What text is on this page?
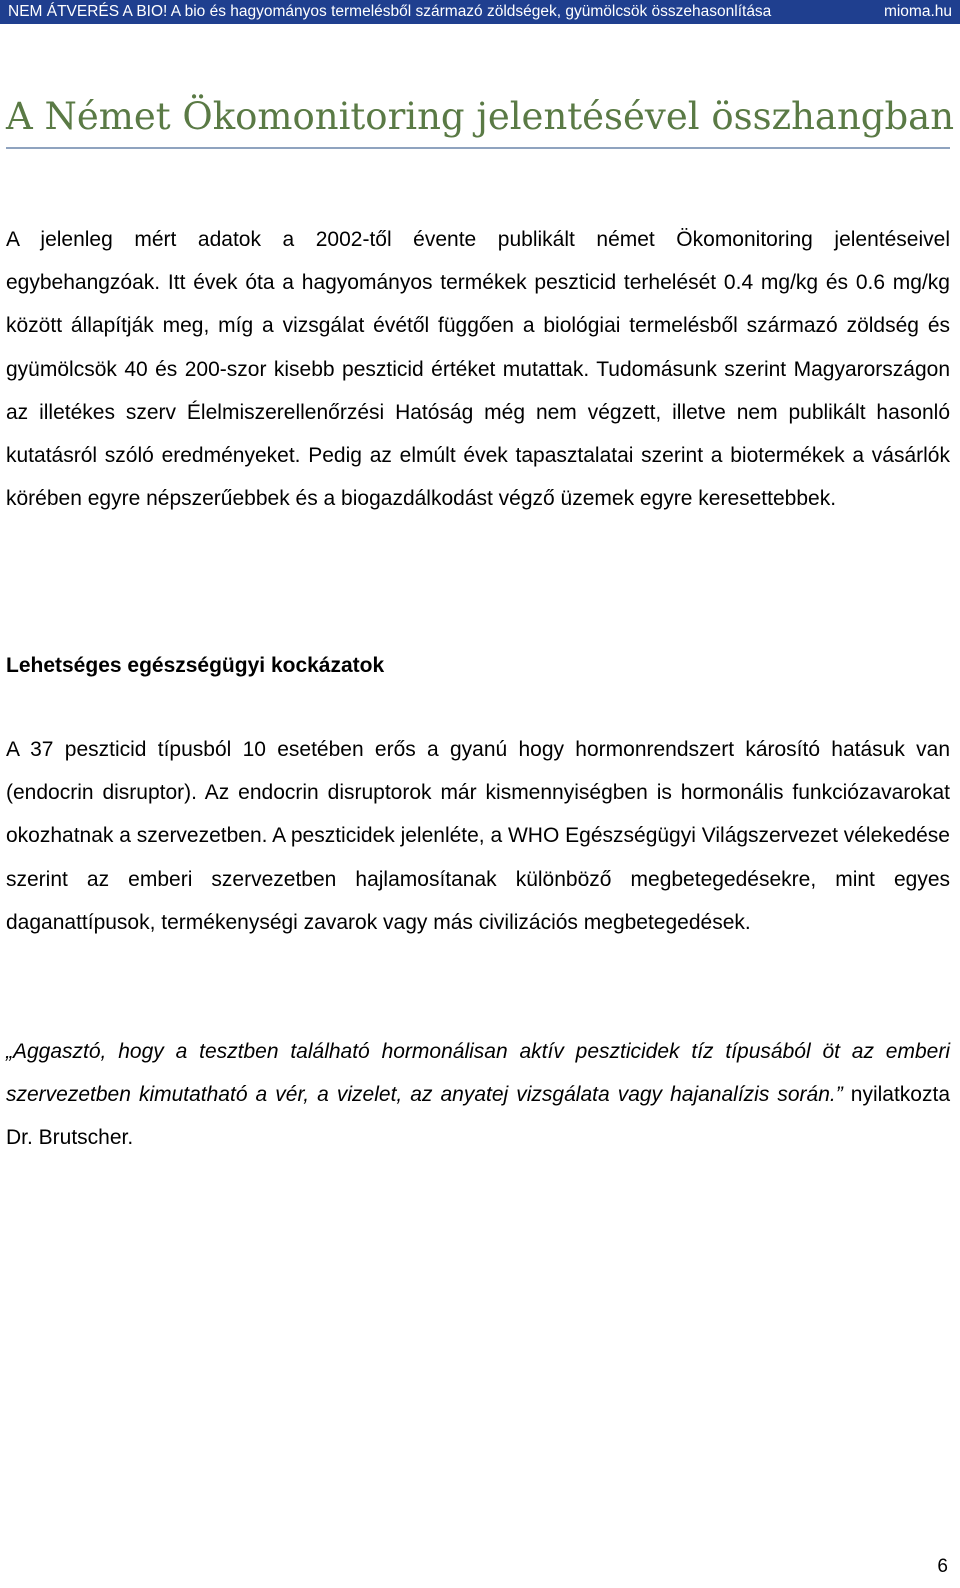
NEM ÁTVERÉS A BIO! A bio és hagyományos termelésből származó zöldségek, gyümölcsök összehasonlítása	mioma.hu
A Német Ökomonitoring jelentésével összhangban

A jelenleg mért adatok a 2002-től évente publikált német Ökomonitoring jelentéseivel egybehangzóak. Itt évek óta a hagyományos termékek peszticid terhelését 0.4 mg/kg és 0.6 mg/kg között állapítják meg, míg a vizsgálat évétől függően a biológiai termelésből származó zöldség és gyümölcsök 40 és 200-szor kisebb peszticid értéket mutattak. Tudomásunk szerint Magyarországon az illetékes szerv Élelmiszerellenőrzési Hatóság még nem végzett, illetve nem publikált hasonló kutatásról szóló eredményeket. Pedig az elmúlt évek tapasztalatai szerint a biotermékek a vásárlók körében egyre népszerűebbek és a biogazdálkodást végző üzemek egyre keresettebbek.

Lehetséges egészségügyi kockázatok

A 37 peszticid típusból 10 esetében erős a gyanú hogy hormonrendszert károsító hatásuk van (endocrin disruptor). Az endocrin disruptorok már kismennyiségben is hormonális funkciózavarokat okozhatnak a szervezetben. A peszticidek jelenléte, a WHO Egészségügyi Világszervezet vélekedése szerint az emberi szervezetben hajlamosítanak különböző megbetegedésekre, mint egyes daganattípusok, termékenységi zavarok vagy más civilizációs megbetegedések.

„Aggasztó, hogy a tesztben található hormonálisan aktív peszticidek tíz típusából öt az emberi szervezetben kimutatható a vér, a vizelet, az anyatej vizsgálata vagy hajanalízis során.” nyilatkozta Dr. Brutscher.

6
